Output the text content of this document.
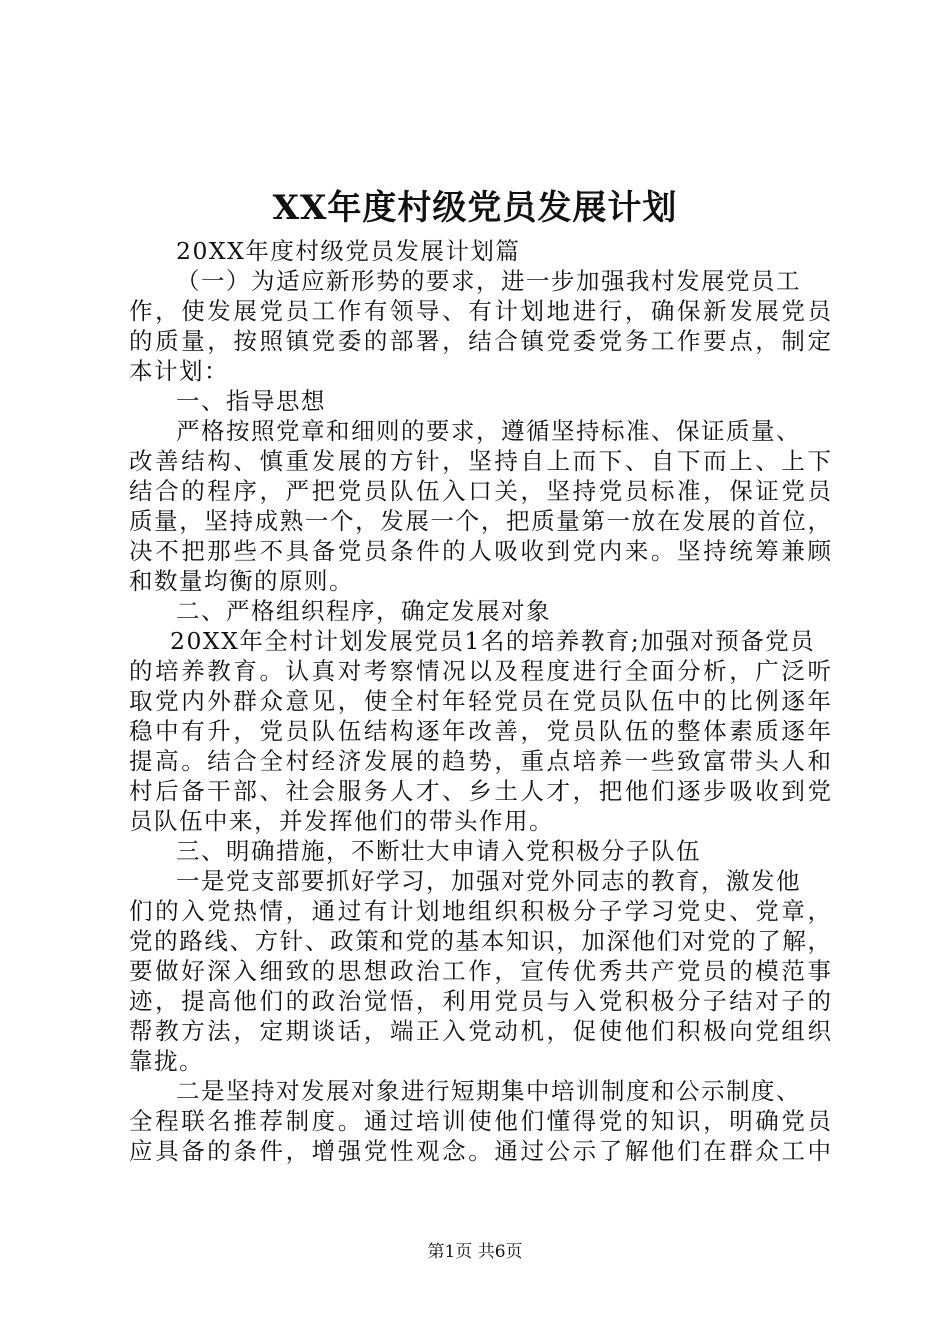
XX年度村级党员发展计划
20XX年度村级党员发展计划篇
（一）为适应新形势的要求，进一步加强我村发展党员工
作，使发展党员工作有领导、有计划地进行，确保新发展党员
的质量，按照镇党委的部署，结合镇党委党务工作要点，制定
本计划：
一、指导思想
严格按照党章和细则的要求，遵循坚持标准、保证质量、
改善结构、慎重发展的方针，坚持自上而下、自下而上、上下
结合的程序，严把党员队伍入口关，坚持党员标准，保证党员
质量，坚持成熟一个，发展一个，把质量第一放在发展的首位，
决不把那些不具备党员条件的人吸收到党内来。坚持统筹兼顾
和数量均衡的原则。
二、严格组织程序，确定发展对象
20XX年全村计划发展党员1名的培养教育;加强对预备党员
的培养教育。认真对考察情况以及程度进行全面分析，广泛听
取党内外群众意见，使全村年轻党员在党员队伍中的比例逐年
稳中有升，党员队伍结构逐年改善，党员队伍的整体素质逐年
提高。结合全村经济发展的趋势，重点培养一些致富带头人和
村后备干部、社会服务人才、乡土人才，把他们逐步吸收到党
员队伍中来，并发挥他们的带头作用。
三、明确措施，不断壮大申请入党积极分子队伍
一是党支部要抓好学习，加强对党外同志的教育，激发他
们的入党热情，通过有计划地组织积极分子学习党史、党章，
党的路线、方针、政策和党的基本知识，加深他们对党的了解，
要做好深入细致的思想政治工作，宣传优秀共产党员的模范事
迹，提高他们的政治觉悟，利用党员与入党积极分子结对子的
帮教方法，定期谈话，端正入党动机，促使他们积极向党组织
靠拢。
二是坚持对发展对象进行短期集中培训制度和公示制度、
全程联名推荐制度。通过培训使他们懂得党的知识，明确党员
应具备的条件，增强党性观念。通过公示了解他们在群众工中
第1页 共6页
